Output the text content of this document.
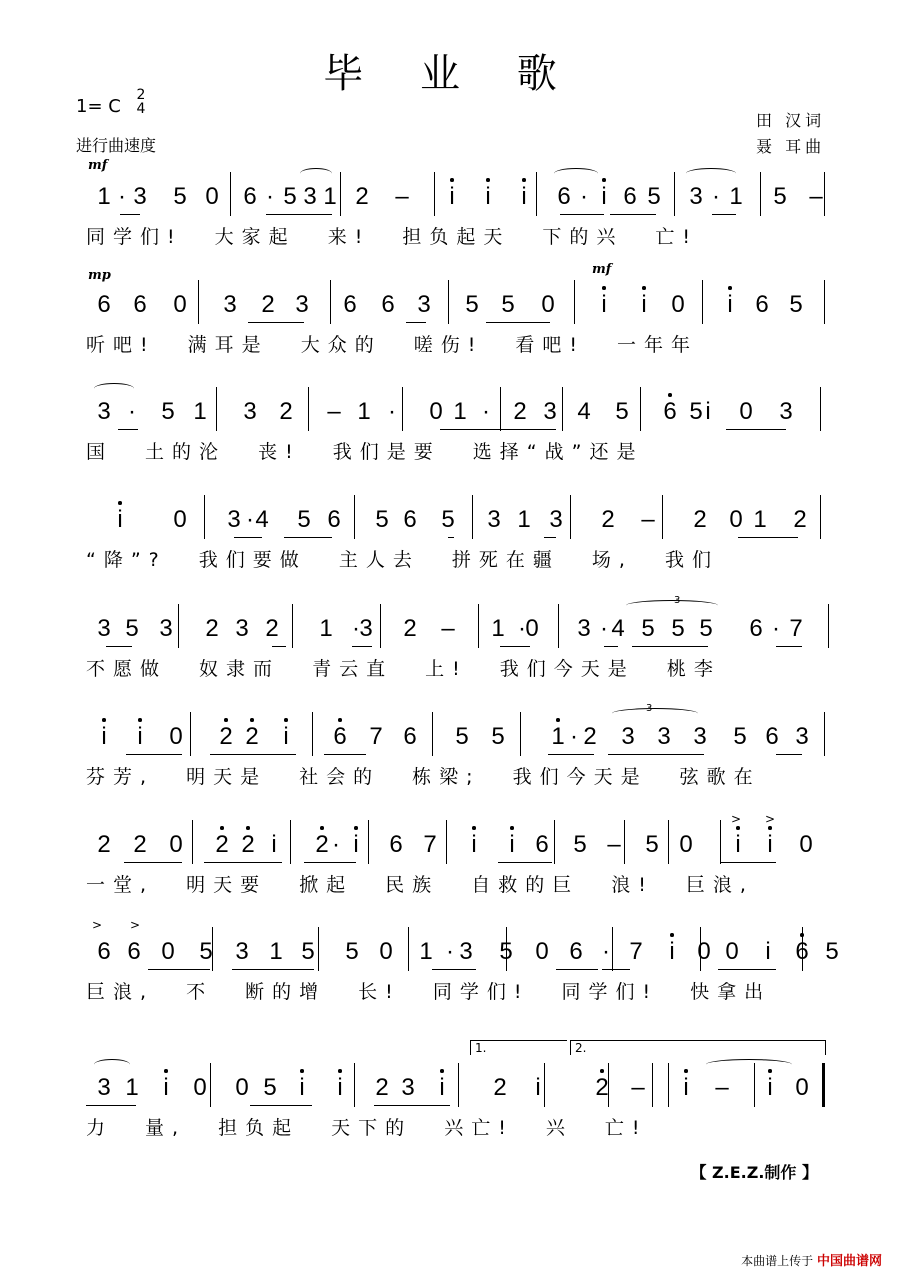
毕 业 歌
1= C
2
4
进行曲速度
田 汉词
聂 耳曲
mf
mp	mf
3
3
> >
> >
1.	2.
1 · 3 5 0 6 · 5 3 1 2 –	i	i	i	6 · i 6 5 3 · 1 5 –
同学们! 大家起 来! 担负起天 下的兴 亡!
6 6 0 3 2 3 6 6 3 5 5 0	i	i	0	i 6 5
听吧! 满耳是 大众的 嗟伤! 看吧! 一年年
3 · 5 1 3 2 – 1 · 0 1 · 2 3 4 5 6	i	0 3
5
国 土的沦 丧! 我们是要 选择“战”还是
i	0 3 · 4 5 6 5 6 5 3 1 3 2 – 2 0 1 2
“降”? 我们要做 主人去 拼死在疆 场, 我们
3 5 3 2 3 2 1 · 3 2 – 1 · 0 3 · 4 5 5 5 6 · 7
不愿做 奴隶而 青云直 上! 我们今天是 桃李
i	i	0 2 2	i	6 7 6 5 5 1 · 2 3 3 3 5 6 3
芬芳, 明天是 社会的 栋梁; 我们今天是 弦歌在
2 2 0 2 2 i	2 · i	6 7	i	i 6 5 – 5 0	i	i	0
一堂, 明天要 掀起 民族 自救的巨 浪! 巨浪,
6 6 0 5 3 1 5 5 0 1 · 3 5 0 6 · 7	i 0 0	i	6 5
巨浪, 不 断的增 长! 同学们! 同学们! 快拿出
3 1	i	0 0 5 i	i	2 3	i	2	i	2 –	i	–	i 0
力 量, 担负起 天下的 兴亡! 兴 亡!
【 Z.E.Z.制作 】
本曲谱上传于 中国曲谱网
